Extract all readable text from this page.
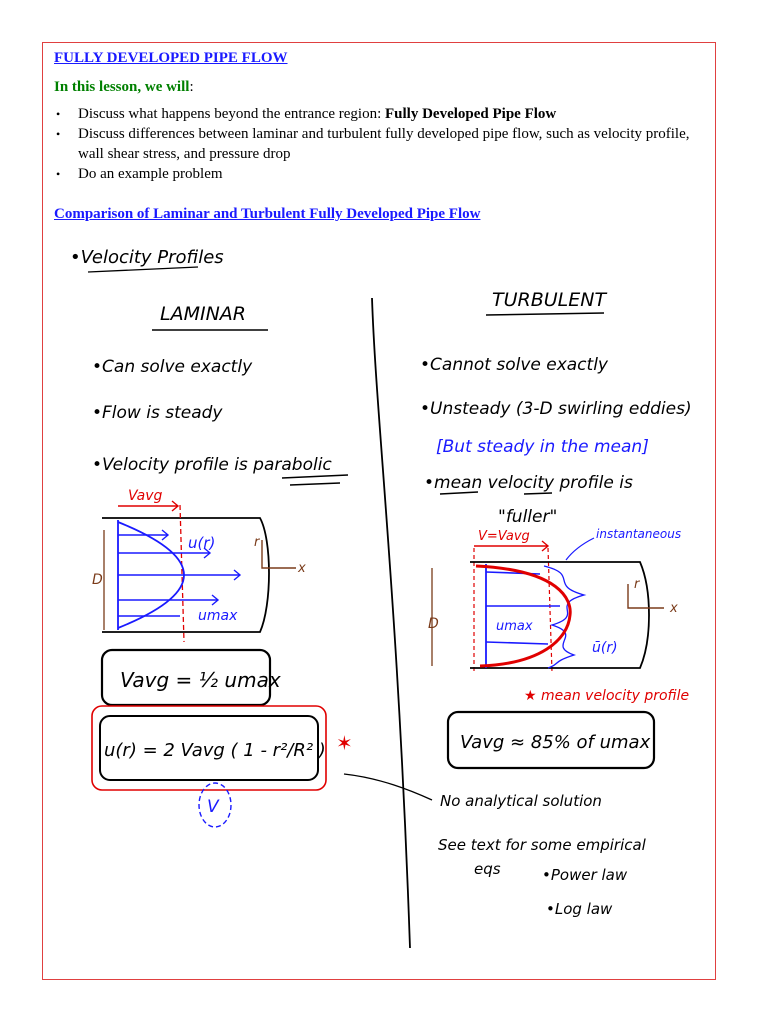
FULLY DEVELOPED PIPE FLOW
In this lesson, we will:
• Discuss what happens beyond the entrance region: Fully Developed Pipe Flow
• Discuss differences between laminar and turbulent fully developed pipe flow, such as velocity profile, wall shear stress, and pressure drop
• Do an example problem
Comparison of Laminar and Turbulent Fully Developed Pipe Flow
•Velocity Profiles
LAMINAR
•Can solve exactly
•Flow is steady
•Velocity profile is parabolic
Vavg
u(r)
umax
D
r
x
Vavg = ½ umax
u(r) = 2 Vavg ( 1 - r²/R² ) ✶
V
TURBULENT
•Cannot solve exactly
•Unsteady (3-D swirling eddies)
[But steady in the mean]
•mean velocity profile is
"fuller"
V=Vavg	instantaneous
umax
ū(r)
D
r
x
★ mean velocity profile
Vavg ≈ 85% of umax
No analytical solution
See text for some empirical
eqs	•Power law
•Log law
